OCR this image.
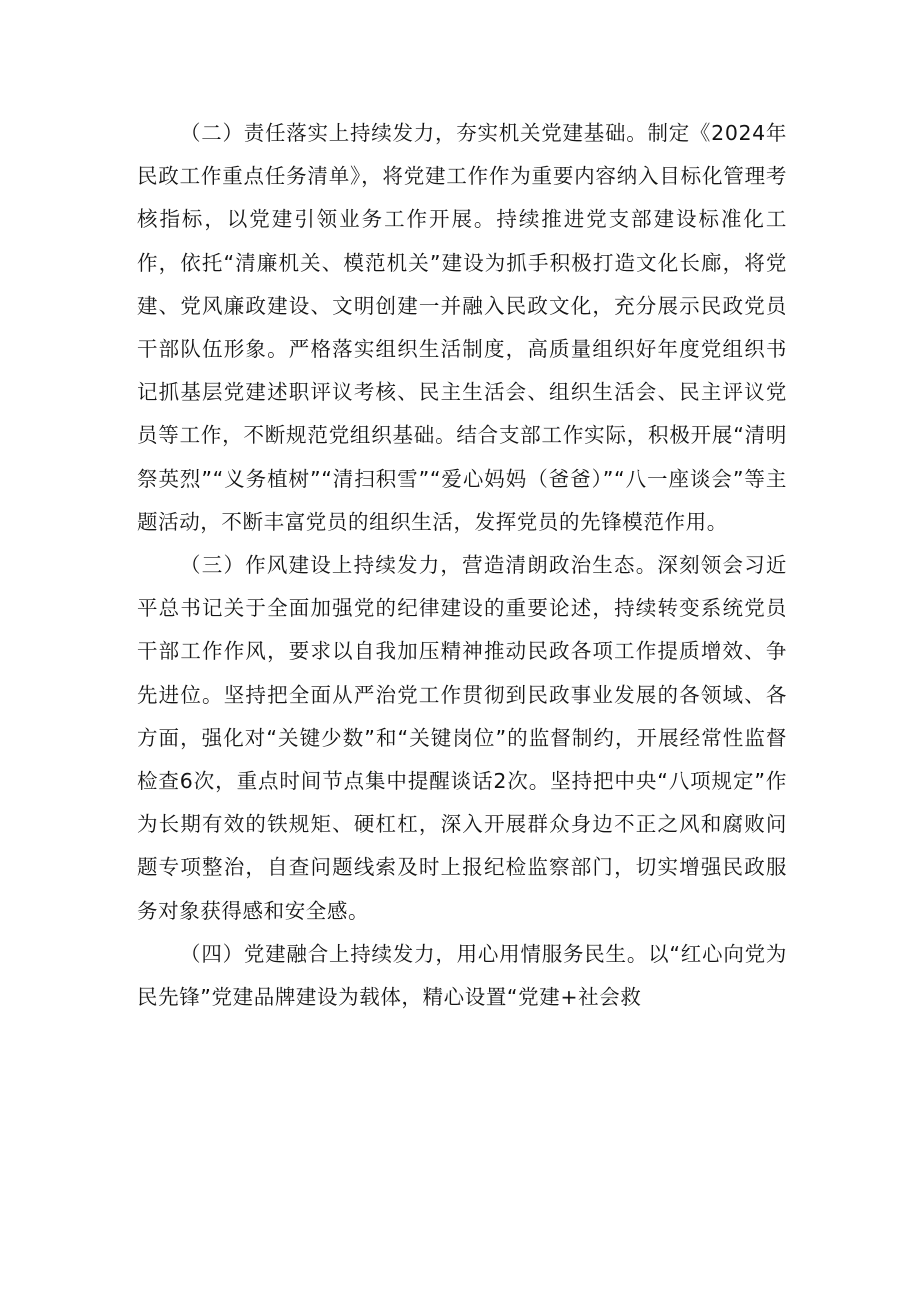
（二）责任落实上持续发力，夯实机关党建基础。制定《2024年民政工作重点任务清单》，将党建工作作为重要内容纳入目标化管理考核指标，以党建引领业务工作开展。持续推进党支部建设标准化工作，依托“清廉机关、模范机关”建设为抓手积极打造文化长廊，将党建、党风廉政建设、文明创建一并融入民政文化，充分展示民政党员干部队伍形象。严格落实组织生活制度，高质量组织好年度党组织书记抓基层党建述职评议考核、民主生活会、组织生活会、民主评议党员等工作，不断规范党组织基础。结合支部工作实际，积极开展“清明祭英烈”“义务植树”“清扫积雪”“爱心妈妈（爸爸）”“八一座谈会”等主题活动，不断丰富党员的组织生活，发挥党员的先锋模范作用。

（三）作风建设上持续发力，营造清朗政治生态。深刻领会习近平总书记关于全面加强党的纪律建设的重要论述，持续转变系统党员干部工作作风，要求以自我加压精神推动民政各项工作提质增效、争先进位。坚持把全面从严治党工作贯彻到民政事业发展的各领域、各方面，强化对“关键少数”和“关键岗位”的监督制约，开展经常性监督检查6次，重点时间节点集中提醒谈话2次。坚持把中央“八项规定”作为长期有效的铁规矩、硬杠杠，深入开展群众身边不正之风和腐败问题专项整治，自查问题线索及时上报纪检监察部门，切实增强民政服务对象获得感和安全感。

（四）党建融合上持续发力，用心用情服务民生。以“红心向党为民先锋”党建品牌建设为载体，精心设置“党建+社会救
